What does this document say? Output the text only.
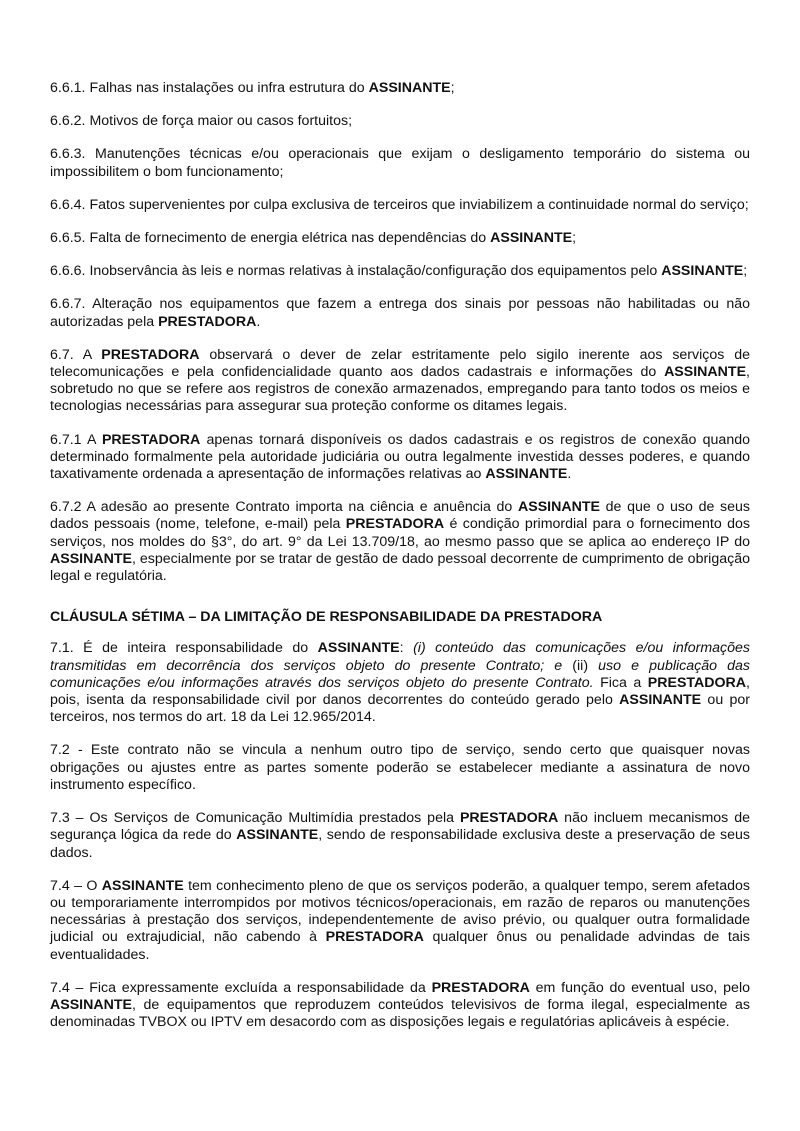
6.6.1. Falhas nas instalações ou infra estrutura do ASSINANTE;

6.6.2. Motivos de força maior ou casos fortuitos;

6.6.3. Manutenções técnicas e/ou operacionais que exijam o desligamento temporário do sistema ou impossibilitem o bom funcionamento;

6.6.4. Fatos supervenientes por culpa exclusiva de terceiros que inviabilizem a continuidade normal do serviço;

6.6.5. Falta de fornecimento de energia elétrica nas dependências do ASSINANTE;

6.6.6. Inobservância às leis e normas relativas à instalação/configuração dos equipamentos pelo ASSINANTE;

6.6.7. Alteração nos equipamentos que fazem a entrega dos sinais por pessoas não habilitadas ou não autorizadas pela PRESTADORA.

6.7. A PRESTADORA observará o dever de zelar estritamente pelo sigilo inerente aos serviços de telecomunicações e pela confidencialidade quanto aos dados cadastrais e informações do ASSINANTE, sobretudo no que se refere aos registros de conexão armazenados, empregando para tanto todos os meios e tecnologias necessárias para assegurar sua proteção conforme os ditames legais.

6.7.1 A PRESTADORA apenas tornará disponíveis os dados cadastrais e os registros de conexão quando determinado formalmente pela autoridade judiciária ou outra legalmente investida desses poderes, e quando taxativamente ordenada a apresentação de informações relativas ao ASSINANTE.

6.7.2 A adesão ao presente Contrato importa na ciência e anuência do ASSINANTE de que o uso de seus dados pessoais (nome, telefone, e-mail) pela PRESTADORA é condição primordial para o fornecimento dos serviços, nos moldes do §3°, do art. 9° da Lei 13.709/18, ao mesmo passo que se aplica ao endereço IP do ASSINANTE, especialmente por se tratar de gestão de dado pessoal decorrente de cumprimento de obrigação legal e regulatória.

CLÁUSULA SÉTIMA – DA LIMITAÇÃO DE RESPONSABILIDADE DA PRESTADORA

7.1. É de inteira responsabilidade do ASSINANTE: (i) conteúdo das comunicações e/ou informações transmitidas em decorrência dos serviços objeto do presente Contrato; e (ii) uso e publicação das comunicações e/ou informações através dos serviços objeto do presente Contrato. Fica a PRESTADORA, pois, isenta da responsabilidade civil por danos decorrentes do conteúdo gerado pelo ASSINANTE ou por terceiros, nos termos do art. 18 da Lei 12.965/2014.

7.2 - Este contrato não se vincula a nenhum outro tipo de serviço, sendo certo que quaisquer novas obrigações ou ajustes entre as partes somente poderão se estabelecer mediante a assinatura de novo instrumento específico.

7.3 – Os Serviços de Comunicação Multimídia prestados pela PRESTADORA não incluem mecanismos de segurança lógica da rede do ASSINANTE, sendo de responsabilidade exclusiva deste a preservação de seus dados.

7.4 – O ASSINANTE tem conhecimento pleno de que os serviços poderão, a qualquer tempo, serem afetados ou temporariamente interrompidos por motivos técnicos/operacionais, em razão de reparos ou manutenções necessárias à prestação dos serviços, independentemente de aviso prévio, ou qualquer outra formalidade judicial ou extrajudicial, não cabendo à PRESTADORA qualquer ônus ou penalidade advindas de tais eventualidades.

7.4 – Fica expressamente excluída a responsabilidade da PRESTADORA em função do eventual uso, pelo ASSINANTE, de equipamentos que reproduzem conteúdos televisivos de forma ilegal, especialmente as denominadas TVBOX ou IPTV em desacordo com as disposições legais e regulatórias aplicáveis à espécie.
